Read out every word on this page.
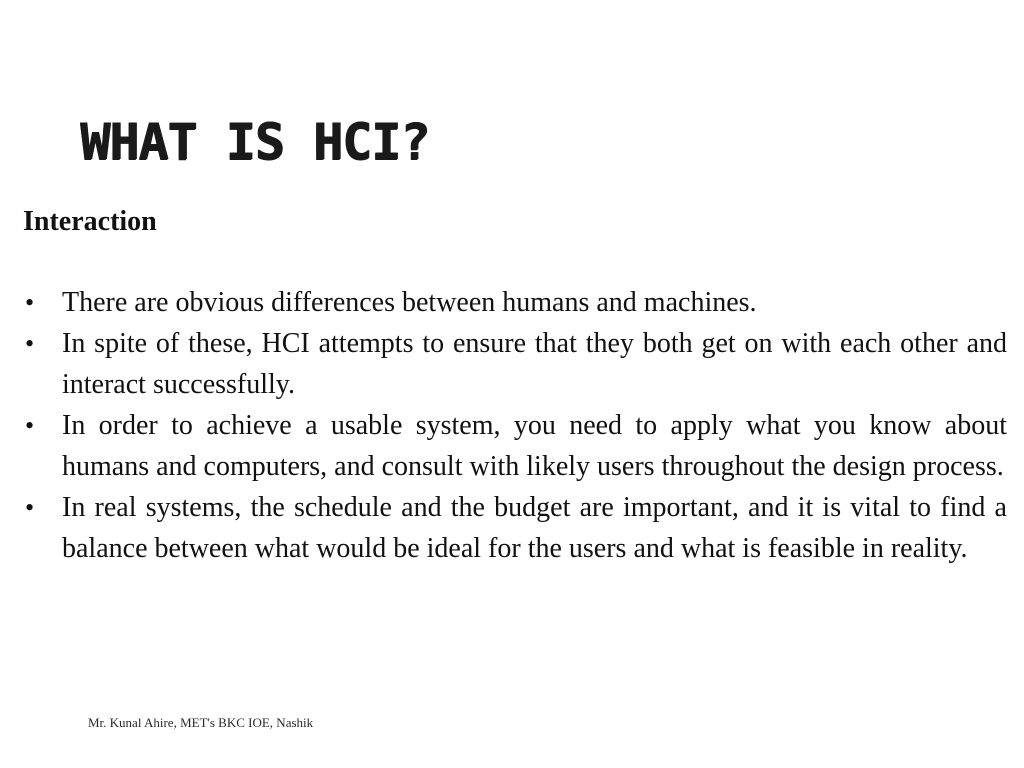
WHAT IS HCI?
Interaction
• There are obvious differences between humans and machines.
• In spite of these, HCI attempts to ensure that they both get on with each other and interact successfully.
• In order to achieve a usable system, you need to apply what you know about humans and computers, and consult with likely users throughout the design process.
• In real systems, the schedule and the budget are important, and it is vital to find a balance between what would be ideal for the users and what is feasible in reality.

Mr. Kunal Ahire, MET's BKC IOE, Nashik
